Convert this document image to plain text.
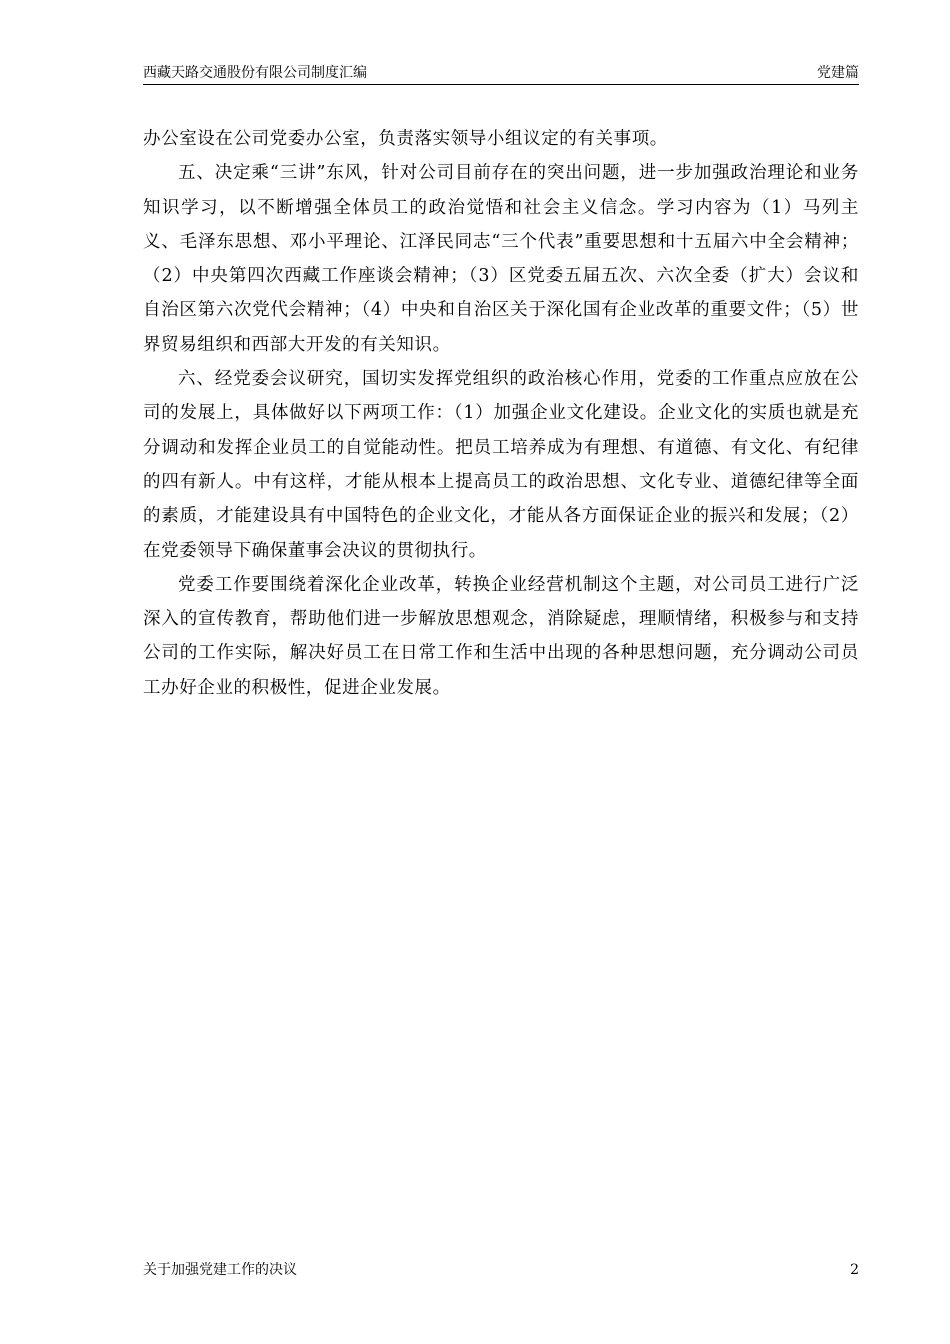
西藏天路交通股份有限公司制度汇编	党建篇

办公室设在公司党委办公室，负责落实领导小组议定的有关事项。

五、决定乘“三讲”东风，针对公司目前存在的突出问题，进一步加强政治理论和业务知识学习，以不断增强全体员工的政治觉悟和社会主义信念。学习内容为（1）马列主义、毛泽东思想、邓小平理论、江泽民同志“三个代表”重要思想和十五届六中全会精神；（2）中央第四次西藏工作座谈会精神；（3）区党委五届五次、六次全委（扩大）会议和自治区第六次党代会精神；（4）中央和自治区关于深化国有企业改革的重要文件；（5）世界贸易组织和西部大开发的有关知识。

六、经党委会议研究，国切实发挥党组织的政治核心作用，党委的工作重点应放在公司的发展上，具体做好以下两项工作：（1）加强企业文化建设。企业文化的实质也就是充分调动和发挥企业员工的自觉能动性。把员工培养成为有理想、有道德、有文化、有纪律的四有新人。中有这样，才能从根本上提高员工的政治思想、文化专业、道德纪律等全面的素质，才能建设具有中国特色的企业文化，才能从各方面保证企业的振兴和发展；（2）在党委领导下确保董事会决议的贯彻执行。

党委工作要围绕着深化企业改革，转换企业经营机制这个主题，对公司员工进行广泛深入的宣传教育，帮助他们进一步解放思想观念，消除疑虑，理顺情绪，积极参与和支持公司的工作实际，解决好员工在日常工作和生活中出现的各种思想问题，充分调动公司员工办好企业的积极性，促进企业发展。

关于加强党建工作的决议	2
